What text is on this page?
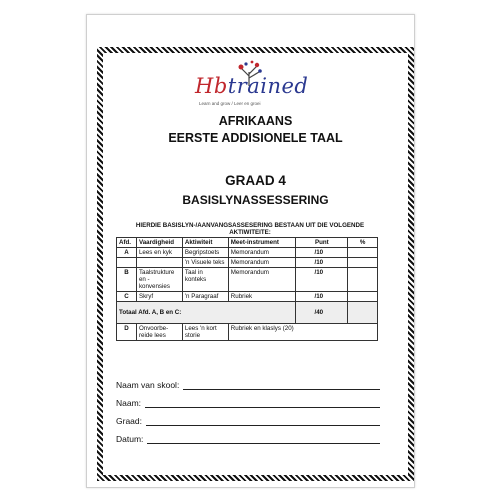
Hbtrained
Learn and grow / Leer en groei
AFRIKAANS
EERSTE ADDISIONELE TAAL
GRAAD 4
BASISLYNASSESSERING
HIERDIE BASISLYN-/AANVANGSASSESERING BESTAAN UIT DIE VOLGENDE AKTIWITEITE:
Afd.	Vaardigheid	Aktiwiteit	Meet-instrument	Punt	%
A	Lees en kyk	Begripstoets	Memorandum	/10	
		'n Visuele teks	Memorandum	/10	
B	Taalstrukture en -konvensies	Taal in konteks	Memorandum	/10	
C	Skryf	'n Paragraaf	Rubriek	/10	
Totaal Afd. A, B en C:				/40	
D	Onvoorbe-reide lees	Lees 'n kort storie	Rubriek en klaslys (20)		
Naam van skool:
Naam:
Graad:
Datum:
